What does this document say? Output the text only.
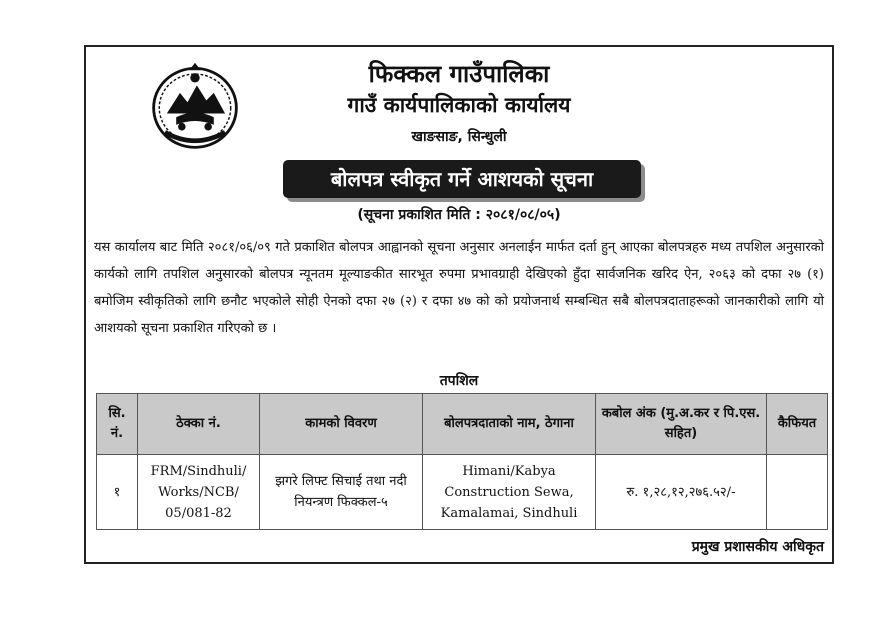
फिक्कल गाउँपालिका
गाउँ कार्यपालिकाको कार्यालय
खाङसाङ, सिन्धुली
बोलपत्र स्वीकृत गर्ने आशयको सूचना
(सूचना प्रकाशित मिति : २०८१/०८/०५)
यस कार्यालय बाट मिति २०८१/०६/०९ गते प्रकाशित बोलपत्र आह्वानको सूचना अनुसार अनलाईन मार्फत दर्ता हुन् आएका बोलपत्रहरु मध्य तपशिल अनुसारको कार्यको लागि तपशिल अनुसारको बोलपत्र न्यूनतम मूल्याङकीत सारभूत रुपमा प्रभावग्राही देखिएको हुँदा सार्वजनिक खरिद ऐन, २०६३ को दफा २७ (१) बमोजिम स्वीकृतिको लागि छनौट भएकोले सोही ऐनको दफा २७ (२) र दफा ४७ को को प्रयोजनार्थ सम्बन्धित सबै बोलपत्रदाताहरूको जानकारीको लागि यो आशयको सूचना प्रकाशित गरिएको छ ।
तपशिल
सि. नं.	ठेक्का नं.	कामको विवरण	बोलपत्रदाताको नाम, ठेगाना	कबोल अंक (मु.अ.कर र पि.एस. सहित)	कैफियत
१	FRM/Sindhuli/ Works/NCB/ 05/081-82	झगरे लिफ्ट सिचाई तथा नदी नियन्त्रण फिक्कल-५	Himani/Kabya Construction Sewa, Kamalamai, Sindhuli	रु. १,२८,१२,२७६.५२/-	
प्रमुख प्रशासकीय अधिकृत
